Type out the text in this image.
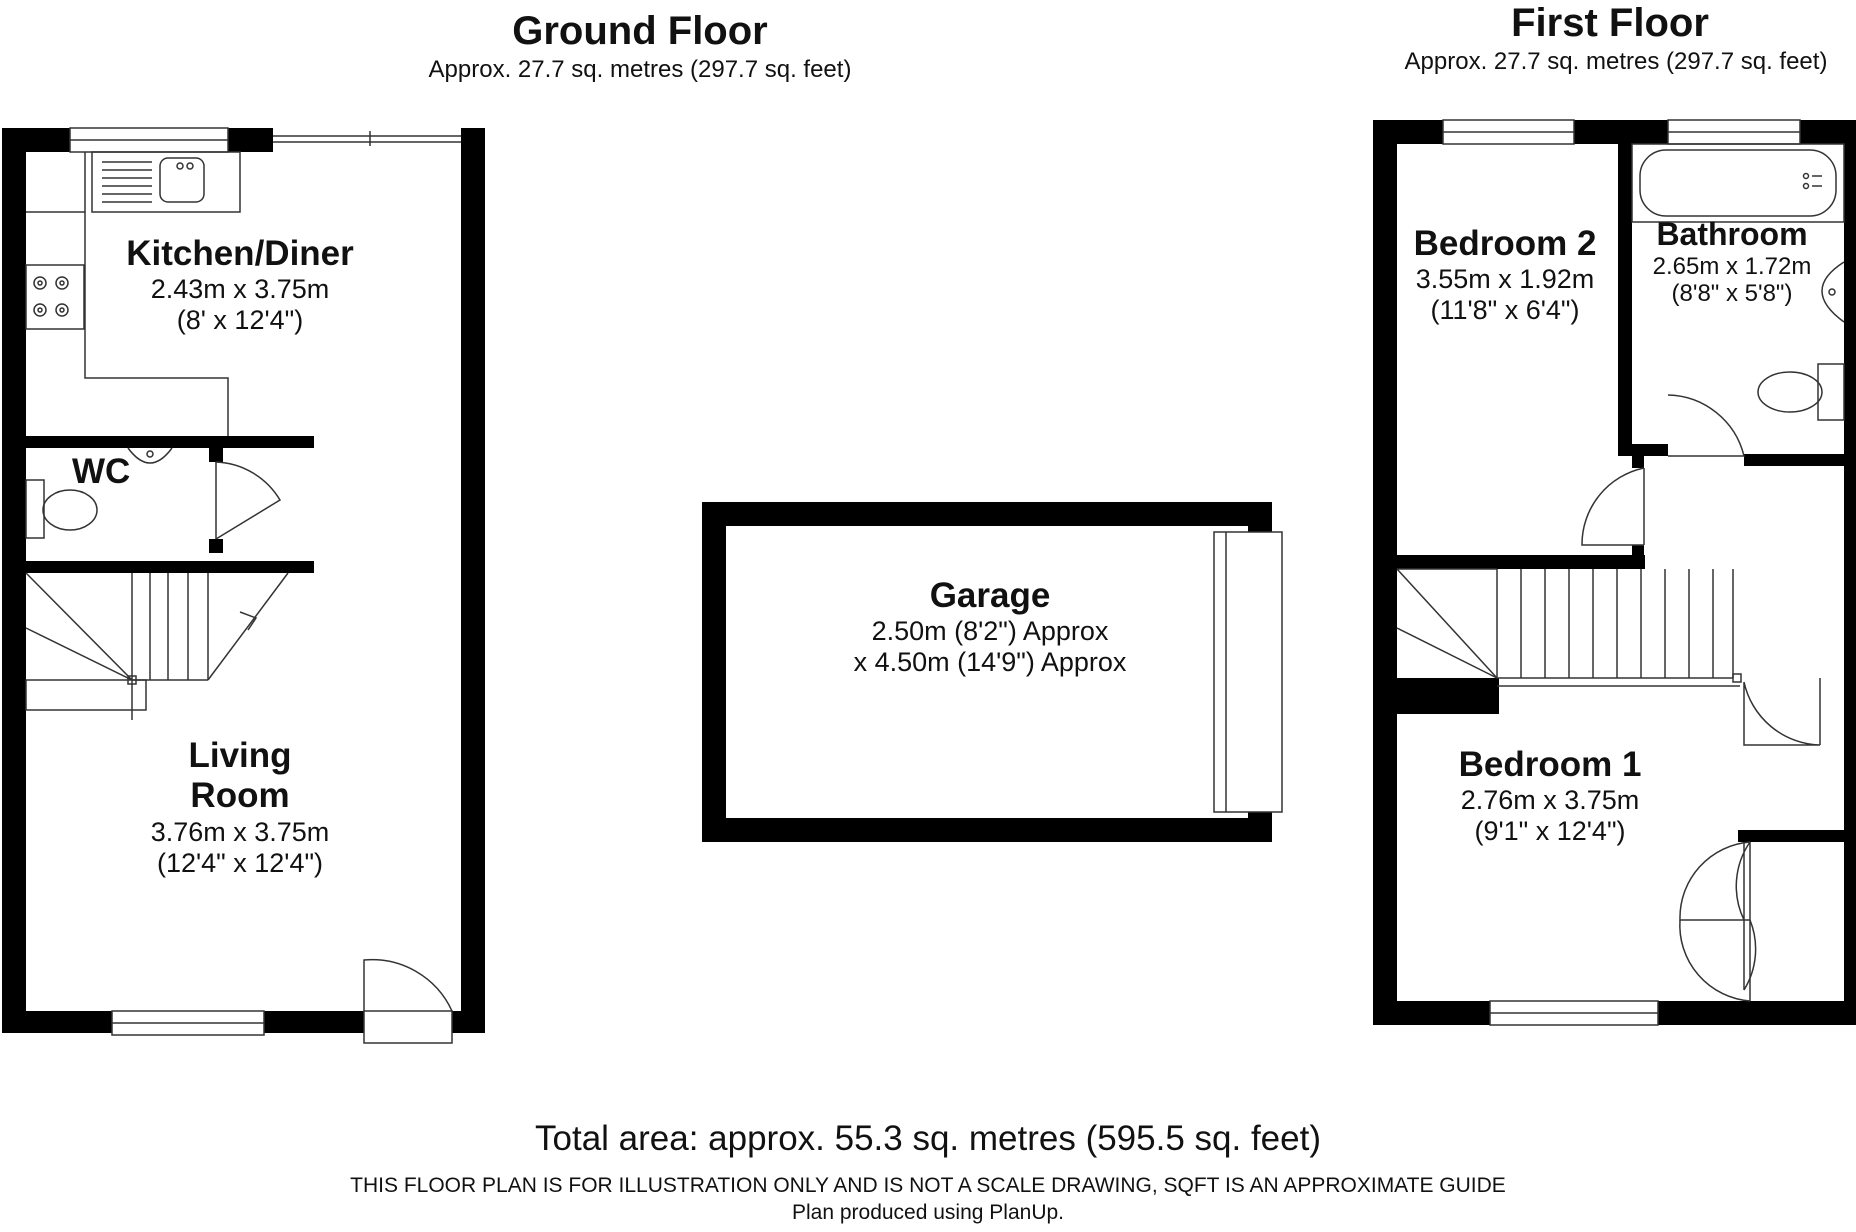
Ground Floor
Approx. 27.7 sq. metres (297.7 sq. feet)
First Floor
Approx. 27.7 sq. metres (297.7 sq. feet)
Kitchen/Diner
2.43m x 3.75m
(8' x 12'4")
WC
Living
Room
3.76m x 3.75m
(12'4" x 12'4")
Garage
2.50m (8'2") Approx
x 4.50m (14'9") Approx
Bedroom 2
3.55m x 1.92m
(11'8" x 6'4")
Bathroom
2.65m x 1.72m
(8'8" x 5'8")
Bedroom 1
2.76m x 3.75m
(9'1" x 12'4")
Total area: approx. 55.3 sq. metres (595.5 sq. feet)
THIS FLOOR PLAN IS FOR ILLUSTRATION ONLY AND IS NOT A SCALE DRAWING, SQFT IS AN APPROXIMATE GUIDE
Plan produced using PlanUp.
